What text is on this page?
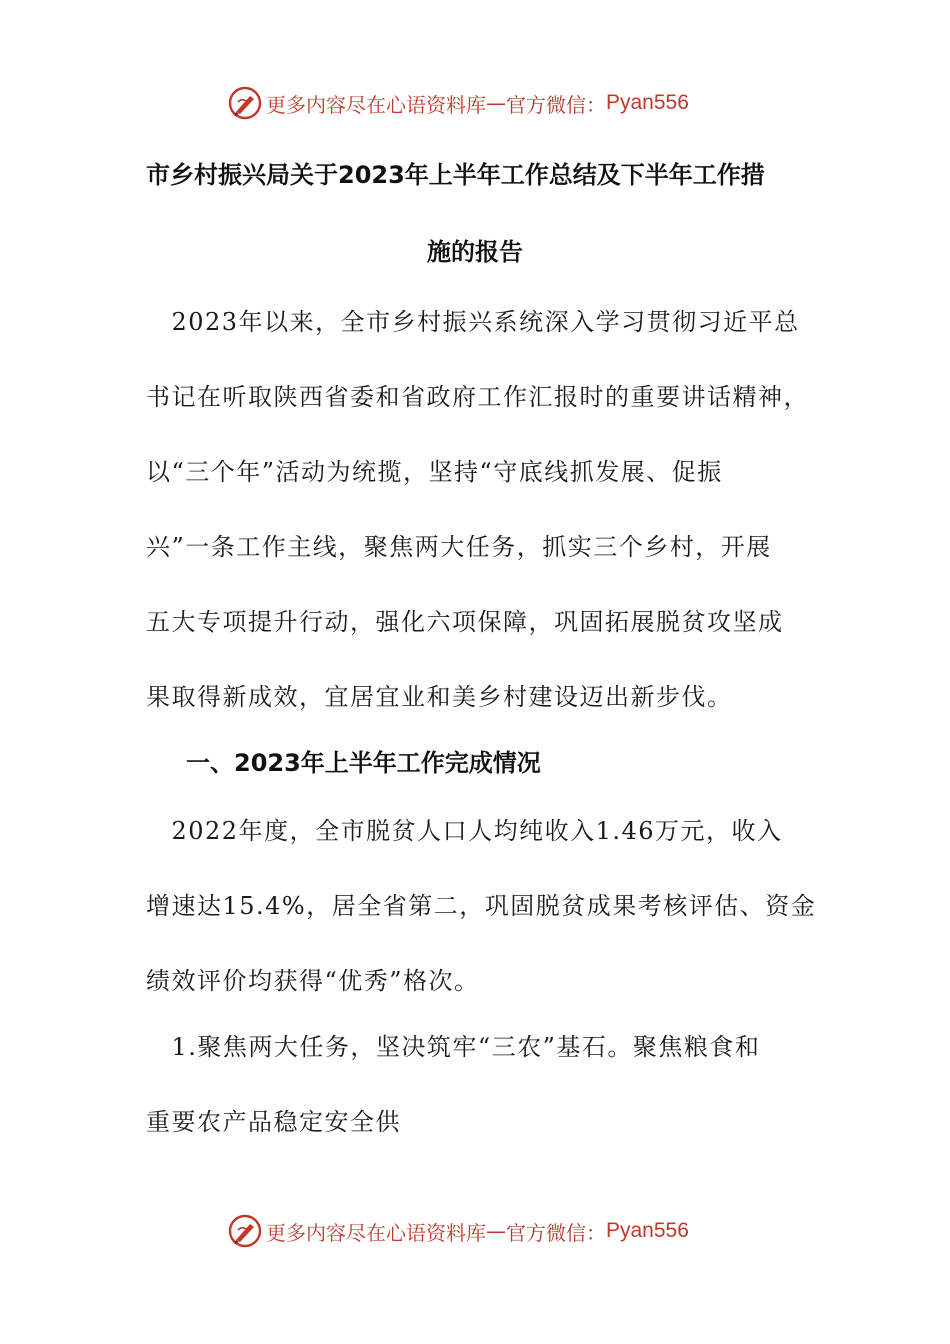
更多内容尽在心语资料库 — 官方微信： Pyan556
市乡村振兴局关于2023年上半年工作总结及下半年工作措
施的报告
　2023年以来，全市乡村振兴系统深入学习贯彻习近平总
书记在听取陕西省委和省政府工作汇报时的重要讲话精神，
以“三个年”活动为统揽，坚持“守底线抓发展、促振
兴”一条工作主线，聚焦两大任务，抓实三个乡村，开展
五大专项提升行动，强化六项保障，巩固拓展脱贫攻坚成
果取得新成效，宜居宜业和美乡村建设迈出新步伐。
一、2023年上半年工作完成情况
　2022年度，全市脱贫人口人均纯收入1.46万元，收入
增速达15.4%，居全省第二，巩固脱贫成果考核评估、资金
绩效评价均获得“优秀”格次。
　1.聚焦两大任务，坚决筑牢“三农”基石。聚焦粮食和
重要农产品稳定安全供
更多内容尽在心语资料库 — 官方微信： Pyan556
